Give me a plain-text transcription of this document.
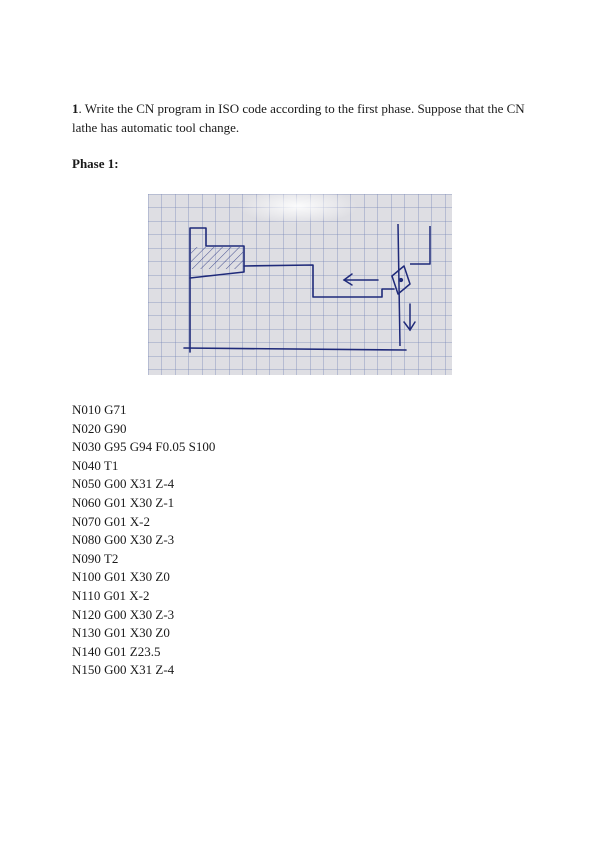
1. Write the CN program in ISO code according to the first phase. Suppose that the CN lathe has automatic tool change.
Phase 1:
N010 G71
N020 G90
N030 G95 G94 F0.05 S100
N040 T1
N050 G00 X31 Z-4
N060 G01 X30 Z-1
N070 G01 X-2
N080 G00 X30 Z-3
N090 T2
N100 G01 X30 Z0
N110 G01 X-2
N120 G00 X30 Z-3
N130 G01 X30 Z0
N140 G01 Z23.5
N150 G00 X31 Z-4
